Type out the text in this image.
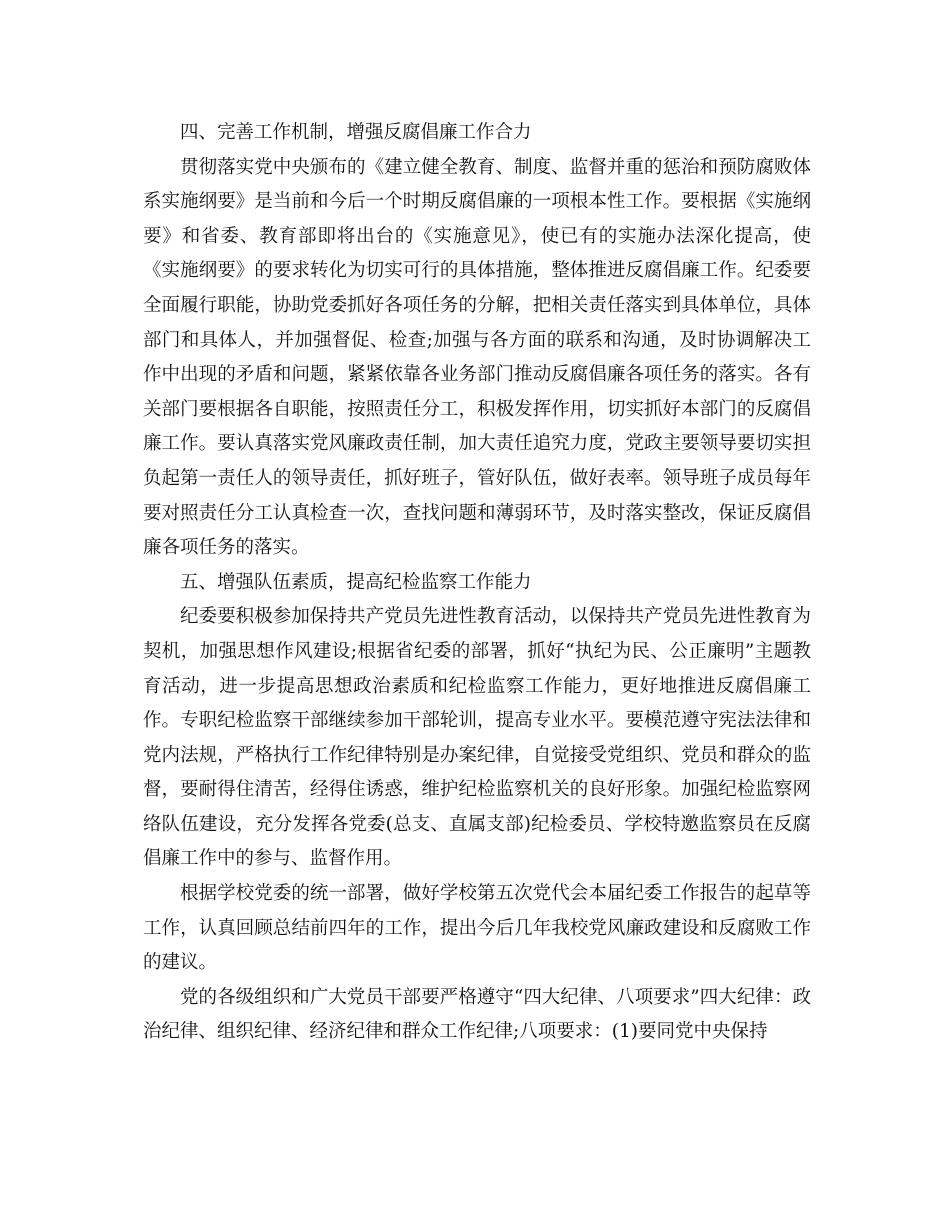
四、完善工作机制，增强反腐倡廉工作合力

贯彻落实党中央颁布的《建立健全教育、制度、监督并重的惩治和预防腐败体系实施纲要》是当前和今后一个时期反腐倡廉的一项根本性工作。要根据《实施纲要》和省委、教育部即将出台的《实施意见》，使已有的实施办法深化提高，使《实施纲要》的要求转化为切实可行的具体措施，整体推进反腐倡廉工作。纪委要全面履行职能，协助党委抓好各项任务的分解，把相关责任落实到具体单位，具体部门和具体人，并加强督促、检查;加强与各方面的联系和沟通，及时协调解决工作中出现的矛盾和问题，紧紧依靠各业务部门推动反腐倡廉各项任务的落实。各有关部门要根据各自职能，按照责任分工，积极发挥作用，切实抓好本部门的反腐倡廉工作。要认真落实党风廉政责任制，加大责任追究力度，党政主要领导要切实担负起第一责任人的领导责任，抓好班子，管好队伍，做好表率。领导班子成员每年要对照责任分工认真检查一次，查找问题和薄弱环节，及时落实整改，保证反腐倡廉各项任务的落实。

五、增强队伍素质，提高纪检监察工作能力

纪委要积极参加保持共产党员先进性教育活动，以保持共产党员先进性教育为契机，加强思想作风建设;根据省纪委的部署，抓好“执纪为民、公正廉明”主题教育活动，进一步提高思想政治素质和纪检监察工作能力，更好地推进反腐倡廉工作。专职纪检监察干部继续参加干部轮训，提高专业水平。要模范遵守宪法法律和党内法规，严格执行工作纪律特别是办案纪律，自觉接受党组织、党员和群众的监督，要耐得住清苦，经得住诱惑，维护纪检监察机关的良好形象。加强纪检监察网络队伍建设，充分发挥各党委(总支、直属支部)纪检委员、学校特邀监察员在反腐倡廉工作中的参与、监督作用。

根据学校党委的统一部署，做好学校第五次党代会本届纪委工作报告的起草等工作，认真回顾总结前四年的工作，提出今后几年我校党风廉政建设和反腐败工作的建议。

党的各级组织和广大党员干部要严格遵守“四大纪律、八项要求”四大纪律：政治纪律、组织纪律、经济纪律和群众工作纪律;八项要求：(1)要同党中央保持
